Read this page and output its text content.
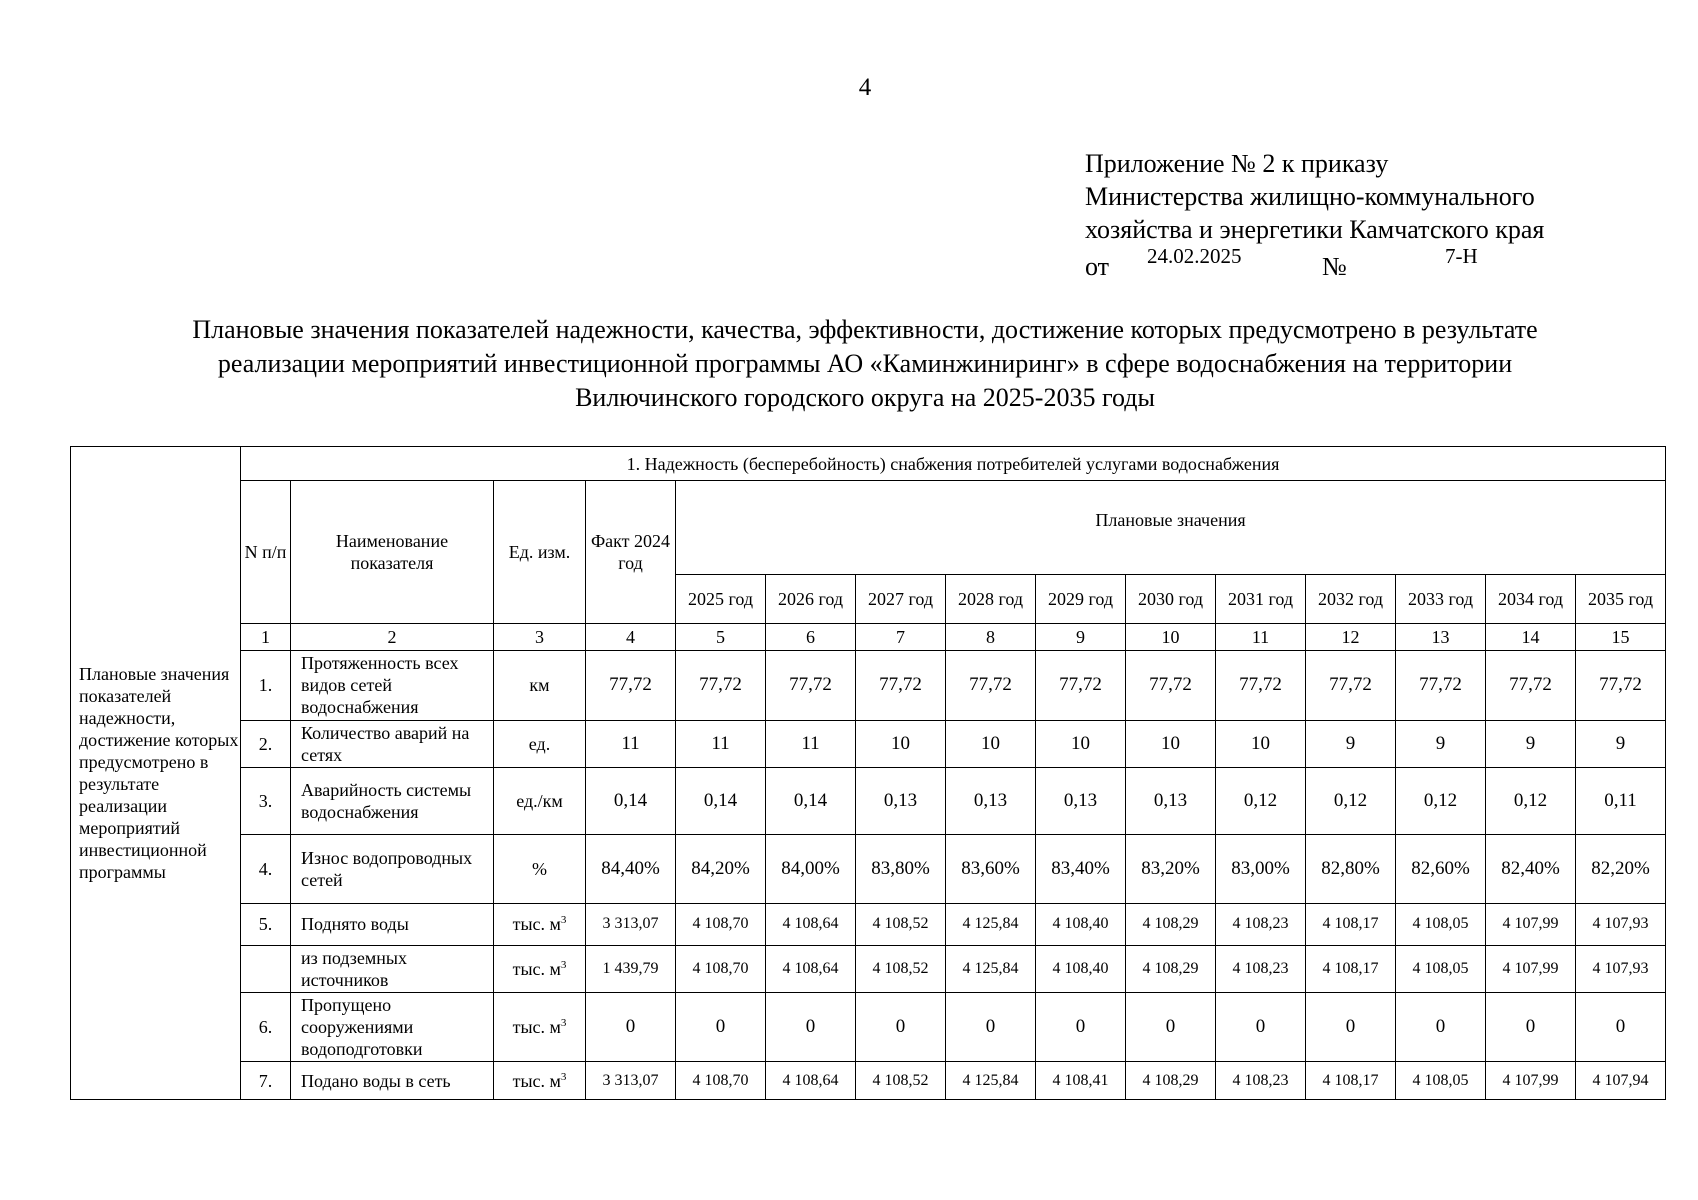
4
Приложение № 2 к приказу
Министерства жилищно-коммунального
хозяйства и энергетики Камчатского края
от 24.02.2025	№	7-Н
Плановые значения показателей надежности, качества, эффективности, достижение которых предусмотрено в результате
реализации мероприятий инвестиционной программы АО «Каминжиниринг» в сфере водоснабжения на территории
Вилючинского городского округа на 2025-2035 годы
Плановые значения показателей надежности, достижение которых предусмотрено в результате реализации мероприятий инвестиционной программы	1. Надежность (бесперебойность) снабжения потребителей услугами водоснабжения														
	N п/п	Наименование показателя	Ед. изм.	Факт 2024 год	Плановые значения										
					2025 год	2026 год	2027 год	2028 год	2029 год	2030 год	2031 год	2032 год	2033 год	2034 год	2035 год
	1	2	3	4	5	6	7	8	9	10	11	12	13	14	15
	1.	Протяженность всех видов сетей водоснабжения	км	77,72	77,72	77,72	77,72	77,72	77,72	77,72	77,72	77,72	77,72	77,72	77,72
	2.	Количество аварий на сетях	ед.	11	11	11	10	10	10	10	10	9	9	9	9
	3.	Аварийность системы водоснабжения	ед./км	0,14	0,14	0,14	0,13	0,13	0,13	0,13	0,12	0,12	0,12	0,12	0,11
	4.	Износ водопроводных сетей	%	84,40%	84,20%	84,00%	83,80%	83,60%	83,40%	83,20%	83,00%	82,80%	82,60%	82,40%	82,20%
	5.	Поднято воды	тыс. $м^3$	3 313,07	4 108,70	4 108,64	4 108,52	4 125,84	4 108,40	4 108,29	4 108,23	4 108,17	4 108,05	4 107,99	4 107,93
		из подземных источников	тыс. $м^3$	1 439,79	4 108,70	4 108,64	4 108,52	4 125,84	4 108,40	4 108,29	4 108,23	4 108,17	4 108,05	4 107,99	4 107,93
	6.	Пропущено сооружениями водоподготовки	тыс. $м^3$	0	0	0	0	0	0	0	0	0	0	0	0
	7.	Подано воды в сеть	тыс. $м^3$	3 313,07	4 108,70	4 108,64	4 108,52	4 125,84	4 108,41	4 108,29	4 108,23	4 108,17	4 108,05	4 107,99	4 107,94
